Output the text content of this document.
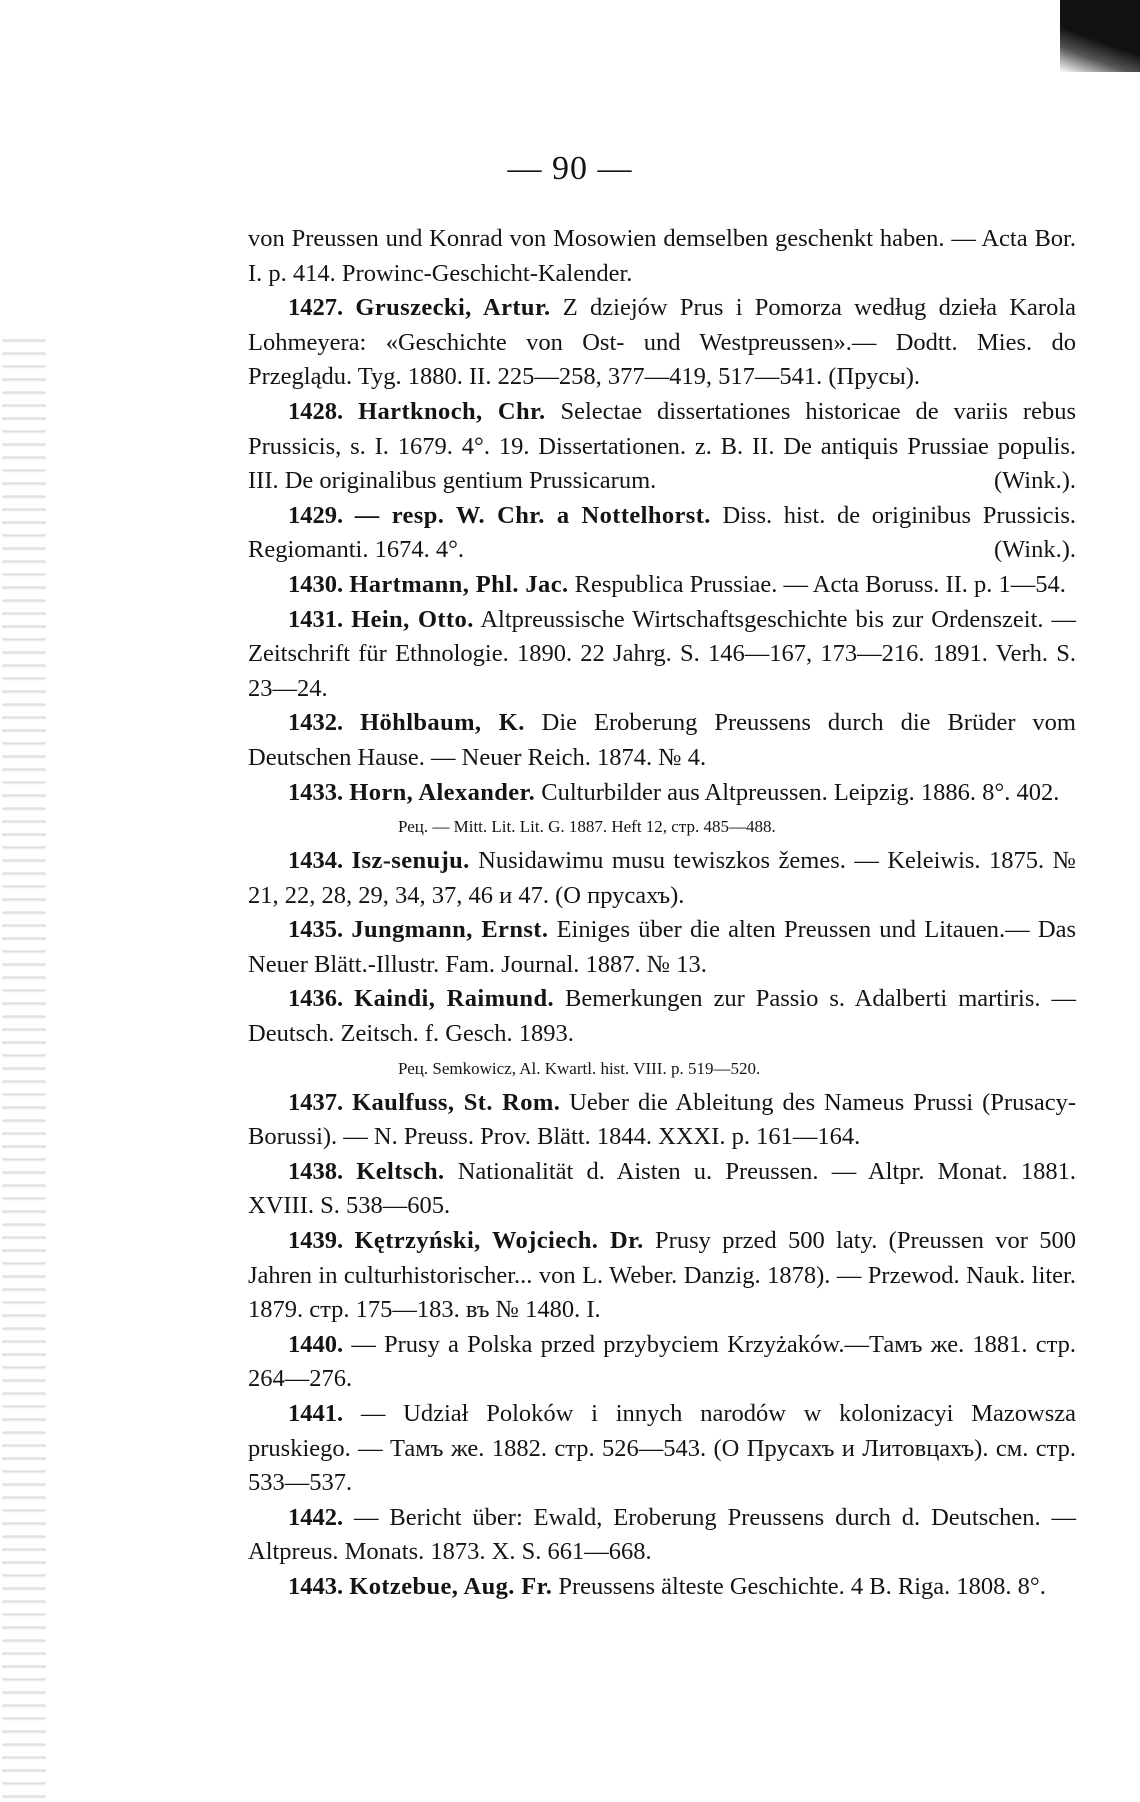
— 90 —

von Preussen und Konrad von Mosowien demselben geschenkt haben. — Acta Bor. I. p. 414. Prowinc-Geschicht-Kalender.

1427. Gruszecki, Artur. Z dziejów Prus i Pomorza według dzieła Karola Lohmeyera: «Geschichte von Ost- und Westpreussen».— Dodtt. Mies. do Przeglądu. Tyg. 1880. II. 225—258, 377—419, 517—541. (Пруcы).

1428. Hartknoch, Chr. Selectae dissertationes historicae de variis rebus Prussicis, s. I. 1679. 4°. 19. Dissertationen. z. B. II. De antiquis Prussiae populis. III. De originalibus gentium Prussicarum.	(Wink.).

1429. — resp. W. Chr. a Nottelhorst. Diss. hist. de originibus Prussicis. Regiomanti. 1674. 4°.	(Wink.).

1430. Hartmann, Phl. Jac. Respublica Prussiae. — Acta Boruss. II. p. 1—54.

1431. Hein, Otto. Altpreussische Wirtschaftsgeschichte bis zur Ordenszeit. — Zeitschrift für Ethnologie. 1890. 22 Jahrg. S. 146—167, 173—216. 1891. Verh. S. 23—24.

1432. Höhlbaum, K. Die Eroberung Preussens durch die Brüder vom Deutschen Hause. — Neuer Reich. 1874. № 4.

1433. Horn, Alexander. Culturbilder aus Altpreussen. Leipzig. 1886. 8°. 402.

Рец. — Mitt. Lit. Lit. G. 1887. Heft 12, стр. 485—488.

1434. Isz-senuju. Nusidawimu musu tewiszkos žemes. — Keleiwis. 1875. № 21, 22, 28, 29, 34, 37, 46 и 47. (О пруcахъ).

1435. Jungmann, Ernst. Einiges über die alten Preussen und Litauen.— Das Neuer Blätt.-Illustr. Fam. Journal. 1887. № 13.

1436. Kaindi, Raimund. Bemerkungen zur Passio s. Adalberti martiris. — Deutsch. Zeitsch. f. Gesch. 1893.

Рец. Semkowicz, Al. Kwartl. hist. VIII. p. 519—520.

1437. Kaulfuss, St. Rom. Ueber die Ableitung des Nameus Prussi (Prusacy-Borussi). — N. Preuss. Prov. Blätt. 1844. XXXI. p. 161—164.

1438. Keltsch. Nationalität d. Aisten u. Preussen. — Altpr. Monat. 1881. XVIII. S. 538—605.

1439. Kętrzyński, Wojciech. Dr. Prusy przed 500 laty. (Preussen vor 500 Jahren in culturhistorischer... von L. Weber. Danzig. 1878). — Przewod. Nauk. liter. 1879. стр. 175—183. въ № 1480. I.

1440. — Prusy a Polska przed przybyciem Krzyżaków.—Тамъ же. 1881. стр. 264—276.

1441. — Udział Poloków i innych narodów w kolonizacyi Mazowsza pruskiego. — Тамъ же. 1882. стр. 526—543. (О Пруcахъ и Литовцахъ). см. стр. 533—537.

1442. — Bericht über: Ewald, Eroberung Preussens durch d. Deutschen. — Altpreus. Monats. 1873. X. S. 661—668.

1443. Kotzebue, Aug. Fr. Preussens älteste Geschichte. 4 B. Riga. 1808. 8°.
